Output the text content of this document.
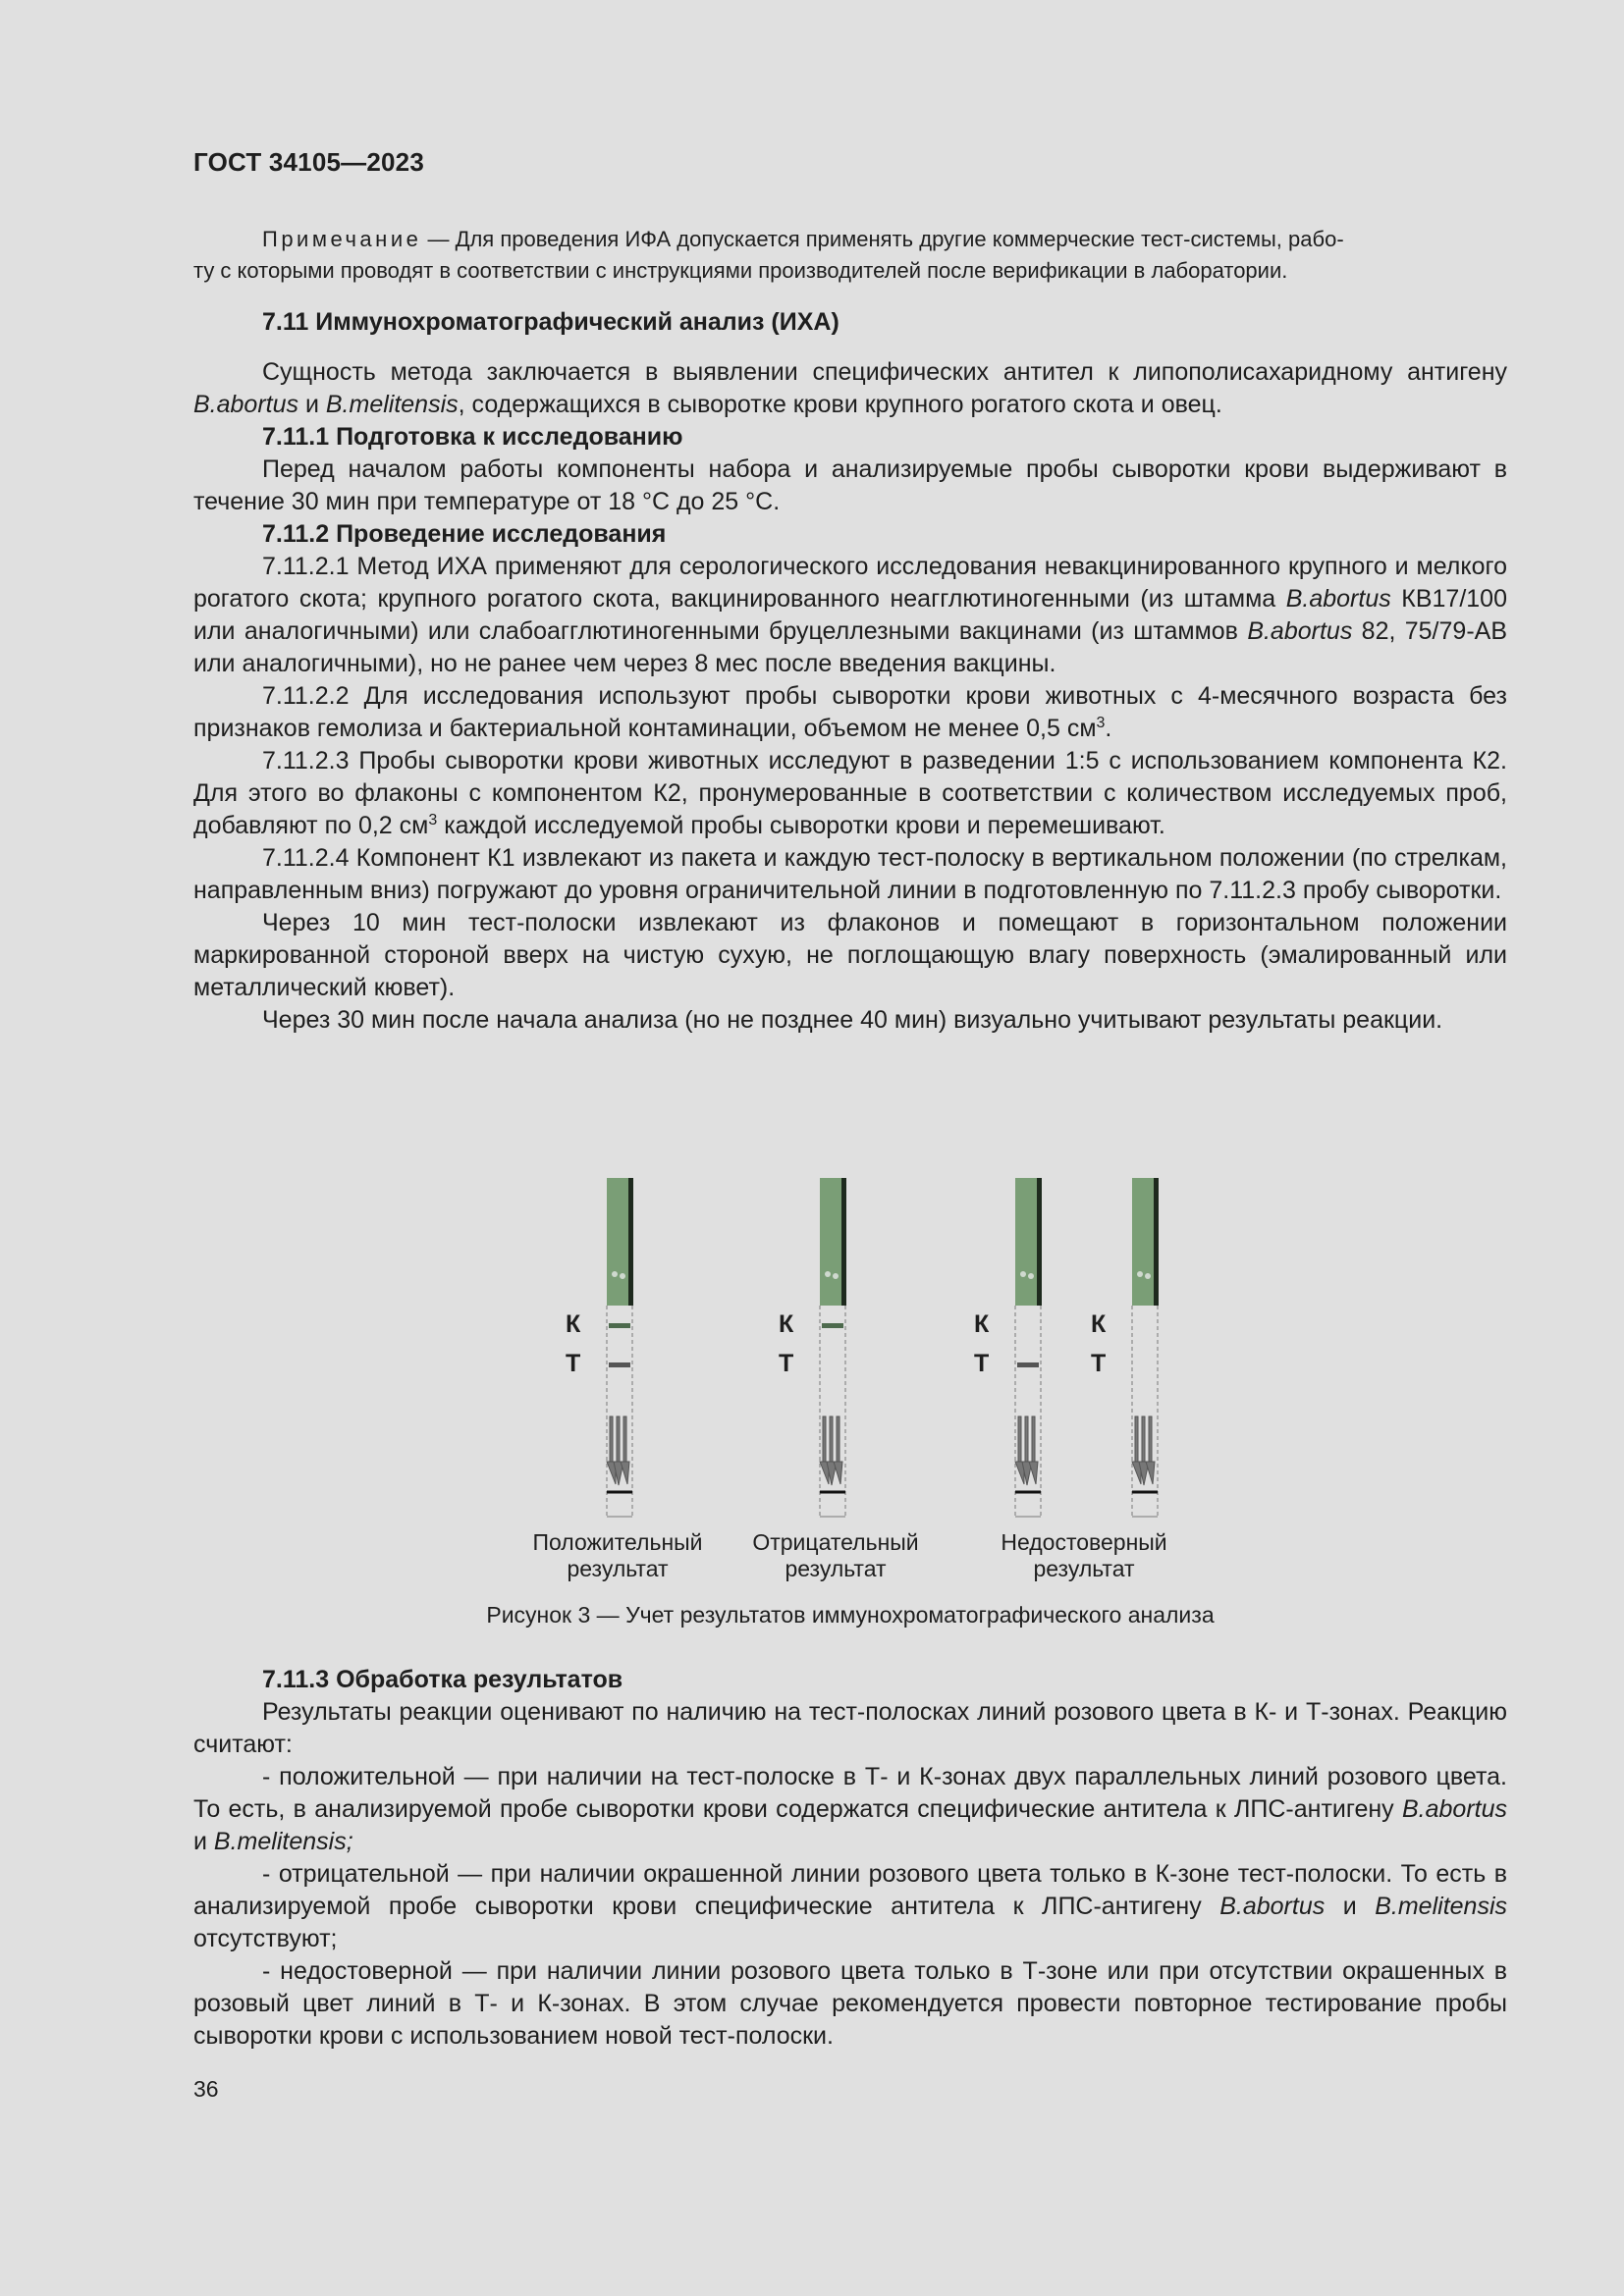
ГОСТ 34105—2023
Примечание — Для проведения ИФА допускается применять другие коммерческие тест-системы, рабо-
ту с которыми проводят в соответствии с инструкциями производителей после верификации в лаборатории.
7.11 Иммунохроматографический анализ (ИХА)

Сущность метода заключается в выявлении специфических антител к липополисахаридному антигену B.abortus и B.melitensis, содержащихся в сыворотке крови крупного рогатого скота и овец.

7.11.1 Подготовка к исследованию

Перед началом работы компоненты набора и анализируемые пробы сыворотки крови выдерживают в течение 30 мин при температуре от 18 °С до 25 °С.

7.11.2 Проведение исследования

7.11.2.1 Метод ИХА применяют для серологического исследования невакцинированного крупного и мелкого рогатого скота; крупного рогатого скота, вакцинированного неагглютиногенными (из штамма B.abortus КВ17/100 или аналогичными) или слабоагглютиногенными бруцеллезными вакцинами (из штаммов B.abortus 82, 75/79-АВ или аналогичными), но не ранее чем через 8 мес после введения вакцины.

7.11.2.2 Для исследования используют пробы сыворотки крови животных с 4-месячного возраста без признаков гемолиза и бактериальной контаминации, объемом не менее 0,5 $см^3$.

7.11.2.3 Пробы сыворотки крови животных исследуют в разведении 1:5 с использованием компонента К2. Для этого во флаконы с компонентом К2, пронумерованные в соответствии с количеством исследуемых проб, добавляют по 0,2 $см^3$ каждой исследуемой пробы сыворотки крови и перемешивают.

7.11.2.4 Компонент К1 извлекают из пакета и каждую тест-полоску в вертикальном положении (по стрелкам, направленным вниз) погружают до уровня ограничительной линии в подготовленную по 7.11.2.3 пробу сыворотки.

Через 10 мин тест-полоски извлекают из флаконов и помещают в горизонтальном положении маркированной стороной вверх на чистую сухую, не поглощающую влагу поверхность (эмалированный или металлический кювет).

Через 30 мин после начала анализа (но не позднее 40 мин) визуально учитывают результаты реакции.

К
Т
К
Т
К
Т
К
Т
Положительный
результат
Отрицательный
результат
Недостоверный
результат
Рисунок 3 — Учет результатов иммунохроматографического анализа
7.11.3 Обработка результатов

Результаты реакции оценивают по наличию на тест-полосках линий розового цвета в К- и Т-зонах. Реакцию считают:

- положительной — при наличии на тест-полоске в Т- и К-зонах двух параллельных линий розового цвета. То есть, в анализируемой пробе сыворотки крови содержатся специфические антитела к ЛПС-антигену B.abortus и B.melitensis;

- отрицательной — при наличии окрашенной линии розового цвета только в К-зоне тест-полоски. То есть в анализируемой пробе сыворотки крови специфические антитела к ЛПС-антигену B.abortus и B.melitensis отсутствуют;

- недостоверной — при наличии линии розового цвета только в Т-зоне или при отсутствии окрашенных в розовый цвет линий в Т- и К-зонах. В этом случае рекомендуется провести повторное тестирование пробы сыворотки крови с использованием новой тест-полоски.

36
